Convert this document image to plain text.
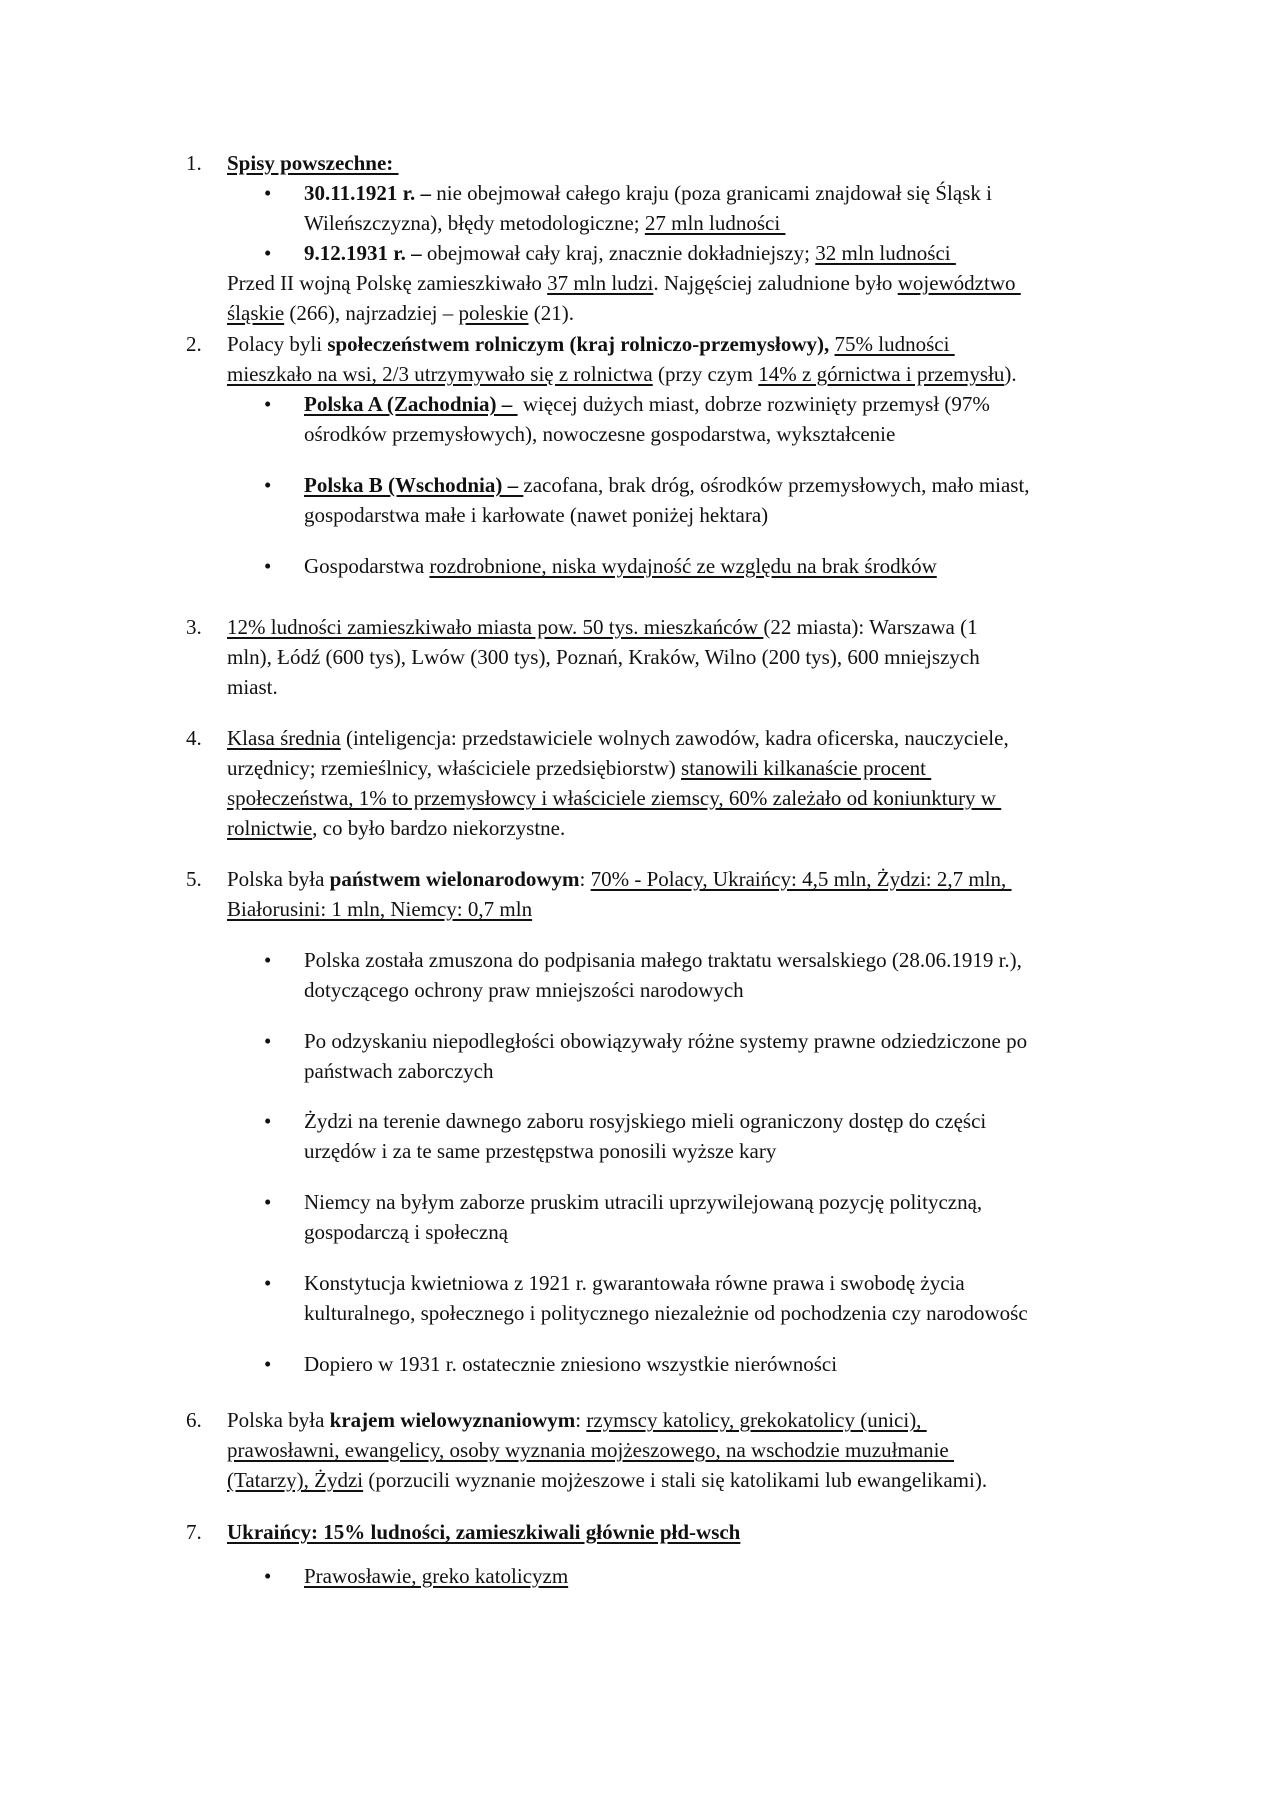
1.
2.
3.
4.
5.
6.
7.
•
•
•
•
•
•
•
•
•
•
•
•
Spisy powszechne:
30.11.1921 r. – nie obejmował całego kraju (poza granicami znajdował się Śląsk i
Wileńszczyzna), błędy metodologiczne; 27 mln ludności
9.12.1931 r. – obejmował cały kraj, znacznie dokładniejszy; 32 mln ludności
Przed II wojną Polskę zamieszkiwało 37 mln ludzi. Najgęściej zaludnione było województwo
śląskie (266), najrzadziej – poleskie (21).
Polacy byli społeczeństwem rolniczym (kraj rolniczo-przemysłowy), 75% ludności
mieszkało na wsi, 2/3 utrzymywało się z rolnictwa (przy czym 14% z górnictwa i przemysłu).
Polska A (Zachodnia) –  więcej dużych miast, dobrze rozwinięty przemysł (97%
ośrodków przemysłowych), nowoczesne gospodarstwa, wykształcenie
Polska B (Wschodnia) – zacofana, brak dróg, ośrodków przemysłowych, mało miast,
gospodarstwa małe i karłowate (nawet poniżej hektara)
Gospodarstwa rozdrobnione, niska wydajność ze względu na brak środków
12% ludności zamieszkiwało miasta pow. 50 tys. mieszkańców (22 miasta): Warszawa (1
mln), Łódź (600 tys), Lwów (300 tys), Poznań, Kraków, Wilno (200 tys), 600 mniejszych
miast.
Klasa średnia (inteligencja: przedstawiciele wolnych zawodów, kadra oficerska, nauczyciele,
urzędnicy; rzemieślnicy, właściciele przedsiębiorstw) stanowili kilkanaście procent
społeczeństwa, 1% to przemysłowcy i właściciele ziemscy, 60% zależało od koniunktury w
rolnictwie, co było bardzo niekorzystne.
Polska była państwem wielonarodowym: 70% - Polacy, Ukraińcy: 4,5 mln, Żydzi: 2,7 mln,
Białorusini: 1 mln, Niemcy: 0,7 mln
Polska została zmuszona do podpisania małego traktatu wersalskiego (28.06.1919 r.),
dotyczącego ochrony praw mniejszości narodowych
Po odzyskaniu niepodległości obowiązywały różne systemy prawne odziedziczone po
państwach zaborczych
Żydzi na terenie dawnego zaboru rosyjskiego mieli ograniczony dostęp do części
urzędów i za te same przestępstwa ponosili wyższe kary
Niemcy na byłym zaborze pruskim utracili uprzywilejowaną pozycję polityczną,
gospodarczą i społeczną
Konstytucja kwietniowa z 1921 r. gwarantowała równe prawa i swobodę życia
kulturalnego, społecznego i politycznego niezależnie od pochodzenia czy narodowośc
Dopiero w 1931 r. ostatecznie zniesiono wszystkie nierówności
Polska była krajem wielowyznaniowym: rzymscy katolicy, grekokatolicy (unici),
prawosławni, ewangelicy, osoby wyznania mojżeszowego, na wschodzie muzułmanie
(Tatarzy), Żydzi (porzucili wyznanie mojżeszowe i stali się katolikami lub ewangelikami).
Ukraińcy: 15% ludności, zamieszkiwali głównie płd-wsch
Prawosławie, greko katolicyzm
